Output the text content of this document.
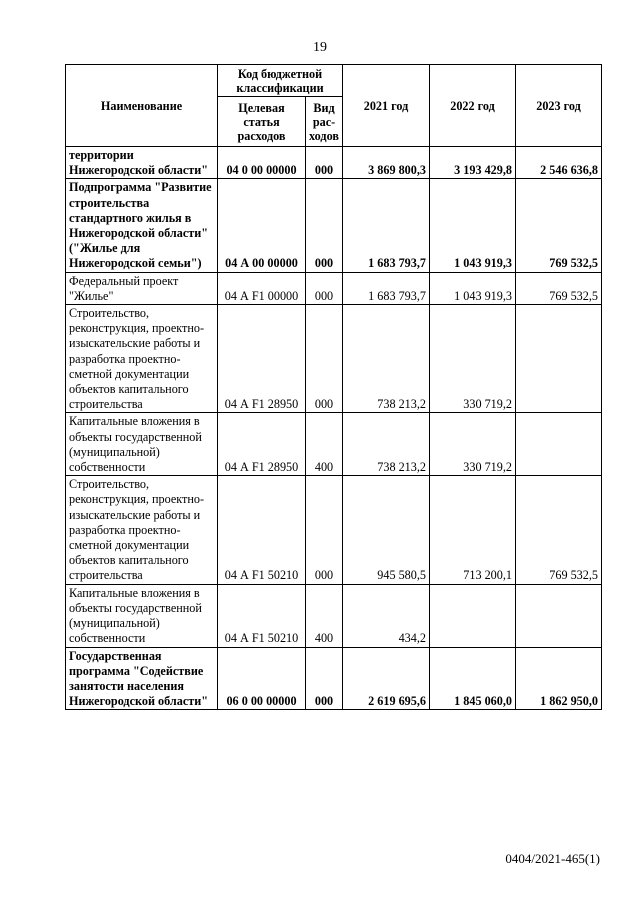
19
Наименование	Код бюджетной классификации		2021 год	2022 год	2023 год
	Целевая статья расходов	Вид рас-ходов			
территории Нижегородской области"	04 0 00 00000	000	3 869 800,3	3 193 429,8	2 546 636,8
Подпрограмма "Развитие строительства стандартного жилья в Нижегородской области" ("Жилье для Нижегородской семьи")	04 А 00 00000	000	1 683 793,7	1 043 919,3	769 532,5
Федеральный проект "Жилье"	04 А F1 00000	000	1 683 793,7	1 043 919,3	769 532,5
Строительство, реконструкция, проектно-изыскательские работы и разработка проектно-сметной документации объектов капитального строительства	04 А F1 28950	000	738 213,2	330 719,2	
Капитальные вложения в объекты государственной (муниципальной) собственности	04 А F1 28950	400	738 213,2	330 719,2	
Строительство, реконструкция, проектно-изыскательские работы и разработка проектно-сметной документации объектов капитального строительства	04 А F1 50210	000	945 580,5	713 200,1	769 532,5
Капитальные вложения в объекты государственной (муниципальной) собственности	04 А F1 50210	400	434,2		
Государственная программа "Содействие занятости населения Нижегородской области"	06 0 00 00000	000	2 619 695,6	1 845 060,0	1 862 950,0
0404/2021-465(1)
